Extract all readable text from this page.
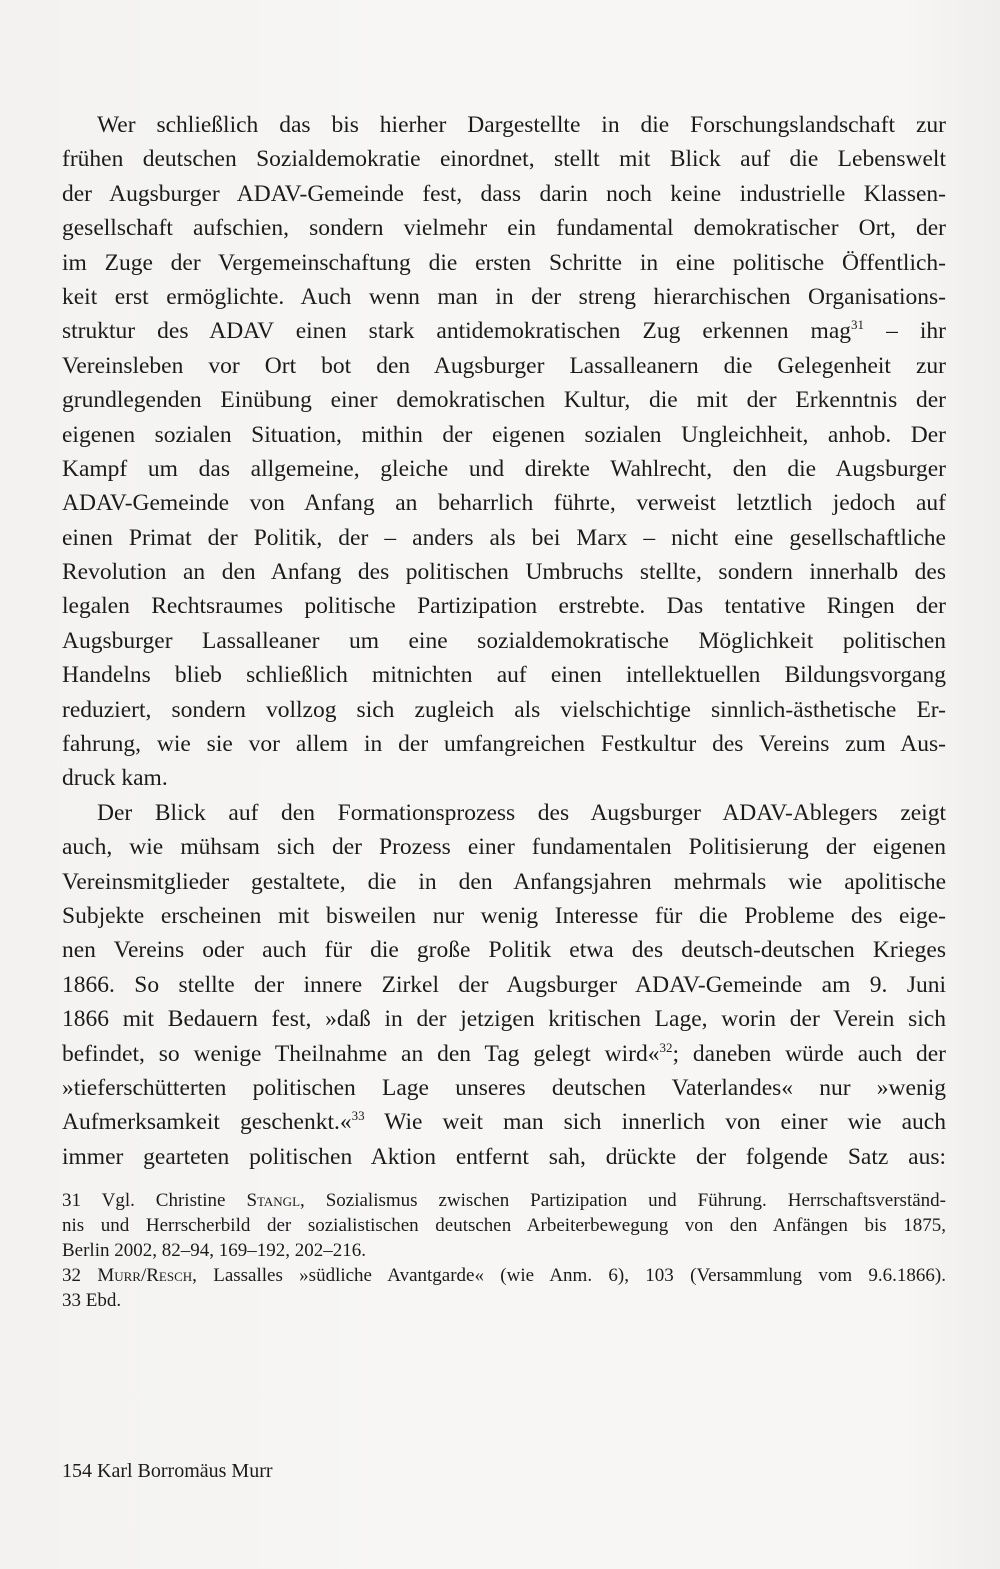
Wer schließlich das bis hierher Dargestellte in die Forschungslandschaft zur
frühen deutschen Sozialdemokratie einordnet, stellt mit Blick auf die Lebenswelt
der Augsburger ADAV-Gemeinde fest, dass darin noch keine industrielle Klassen-
gesellschaft aufschien, sondern vielmehr ein fundamental demokratischer Ort, der
im Zuge der Vergemeinschaftung die ersten Schritte in eine politische Öffentlich-
keit erst ermöglichte. Auch wenn man in der streng hierarchischen Organisations-
struktur des ADAV einen stark antidemokratischen Zug erkennen mag$^{31}$ – ihr
Vereinsleben vor Ort bot den Augsburger Lassalleanern die Gelegenheit zur
grundlegenden Einübung einer demokratischen Kultur, die mit der Erkenntnis der
eigenen sozialen Situation, mithin der eigenen sozialen Ungleichheit, anhob. Der
Kampf um das allgemeine, gleiche und direkte Wahlrecht, den die Augsburger
ADAV-Gemeinde von Anfang an beharrlich führte, verweist letztlich jedoch auf
einen Primat der Politik, der – anders als bei Marx – nicht eine gesellschaftliche
Revolution an den Anfang des politischen Umbruchs stellte, sondern innerhalb des
legalen Rechtsraumes politische Partizipation erstrebte. Das tentative Ringen der
Augsburger Lassalleaner um eine sozialdemokratische Möglichkeit politischen
Handelns blieb schließlich mitnichten auf einen intellektuellen Bildungsvorgang
reduziert, sondern vollzog sich zugleich als vielschichtige sinnlich-ästhetische Er-
fahrung, wie sie vor allem in der umfangreichen Festkultur des Vereins zum Aus-
druck kam.
Der Blick auf den Formationsprozess des Augsburger ADAV-Ablegers zeigt
auch, wie mühsam sich der Prozess einer fundamentalen Politisierung der eigenen
Vereinsmitglieder gestaltete, die in den Anfangsjahren mehrmals wie apolitische
Subjekte erscheinen mit bisweilen nur wenig Interesse für die Probleme des eige-
nen Vereins oder auch für die große Politik etwa des deutsch-deutschen Krieges
1866. So stellte der innere Zirkel der Augsburger ADAV-Gemeinde am 9. Juni
1866 mit Bedauern fest, »daß in der jetzigen kritischen Lage, worin der Verein sich
befindet, so wenige Theilnahme an den Tag gelegt wird«$^{32}$; daneben würde auch der
»tieferschütterten politischen Lage unseres deutschen Vaterlandes« nur »wenig
Aufmerksamkeit geschenkt.«$^{33}$ Wie weit man sich innerlich von einer wie auch
immer gearteten politischen Aktion entfernt sah, drückte der folgende Satz aus:
31 Vgl. Christine Stangl, Sozialismus zwischen Partizipation und Führung. Herrschaftsverständ-
nis und Herrscherbild der sozialistischen deutschen Arbeiterbewegung von den Anfängen bis 1875,
Berlin 2002, 82–94, 169–192, 202–216.
32 Murr/Resch, Lassalles »südliche Avantgarde« (wie Anm. 6), 103 (Versammlung vom 9.6.1866).
33 Ebd.
154 Karl Borromäus Murr
